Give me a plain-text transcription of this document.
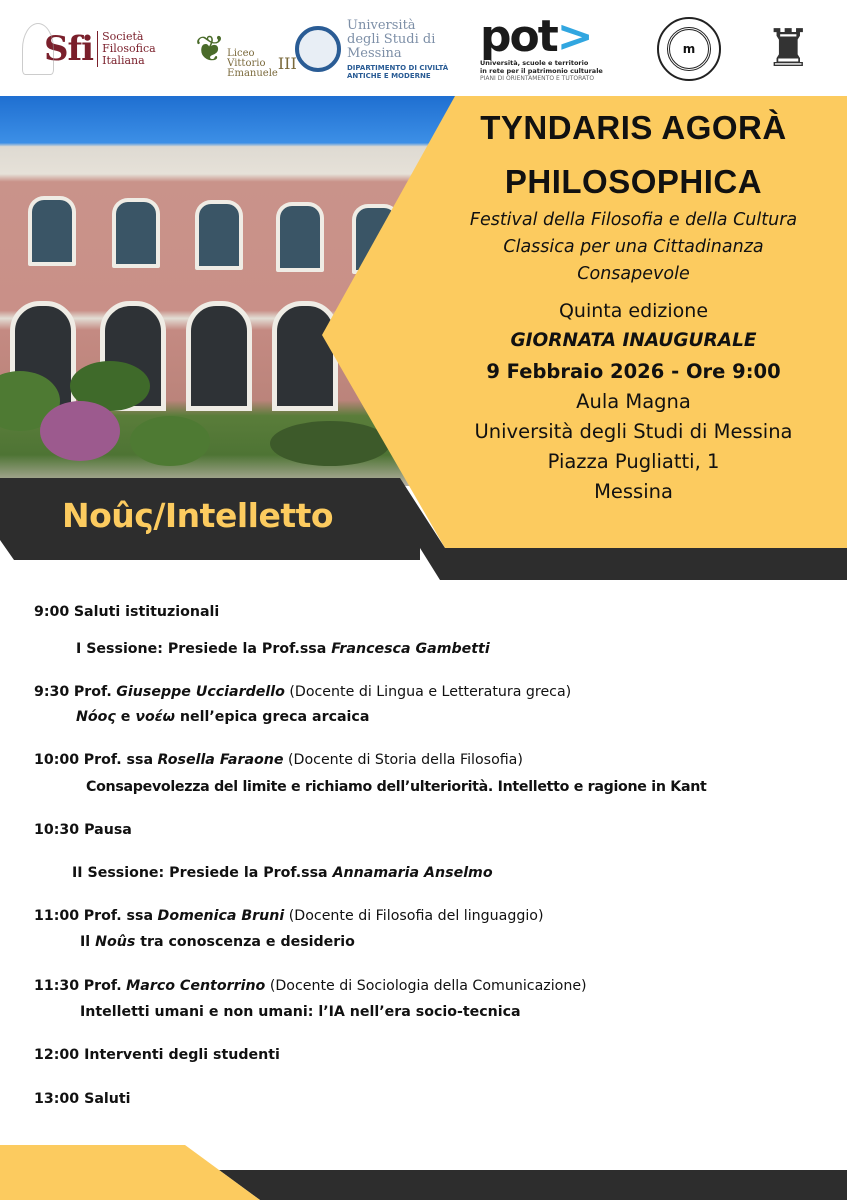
Sfi Società
Filosofica
Italiana	❦ Liceo
Vittorio
Emanuele
III
Università
degli Studi di
Messina
DIPARTIMENTO DI CIVILTÀ
ANTICHE E MODERNE
pot>
Università, scuole e territorio
in rete per il patrimonio culturale
PIANI DI ORIENTAMENTO E TUTORATO
m	♜
Noûς/Intelletto
TYNDARIS AGORÀ
PHILOSOPHICA
Festival della Filosofia e della Cultura
Classica per una Cittadinanza
Consapevole
Quinta edizione
GIORNATA INAUGURALE
9 Febbraio 2026 - Ore 9:00
Aula Magna
Università degli Studi di Messina
Piazza Pugliatti, 1
Messina
9:00 Saluti istituzionali
I Sessione: Presiede la Prof.ssa Francesca Gambetti
9:30 Prof. Giuseppe Ucciardello (Docente di Lingua e Letteratura greca)
Νόος e νοέω nell’epica greca arcaica
10:00 Prof. ssa Rosella Faraone (Docente di Storia della Filosofia)
Consapevolezza del limite e richiamo dell’ulteriorità. Intelletto e ragione in Kant
10:30 Pausa
II Sessione: Presiede la Prof.ssa Annamaria Anselmo
11:00 Prof. ssa Domenica Bruni (Docente di Filosofia del linguaggio)
Il Noûs tra conoscenza e desiderio
11:30 Prof. Marco Centorrino (Docente di Sociologia della Comunicazione)
Intelletti umani e non umani: l’IA nell’era socio-tecnica
12:00 Interventi degli studenti
13:00 Saluti
